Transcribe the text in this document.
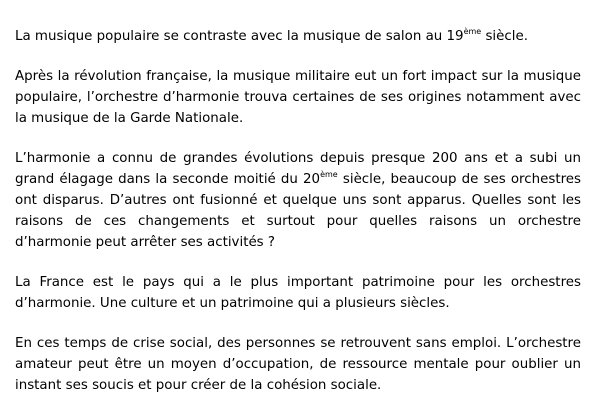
La musique populaire se contraste avec la musique de salon au 19ème siècle.

Après la révolution française, la musique militaire eut un fort impact sur la musique populaire, l’orchestre d’harmonie trouva certaines de ses origines notamment avec la musique de la Garde Nationale.

L’harmonie a connu de grandes évolutions depuis presque 200 ans et a subi un grand élagage dans la seconde moitié du 20ème siècle, beaucoup de ses orchestres ont disparus. D’autres ont fusionné et quelque uns sont apparus. Quelles sont les raisons de ces changements et surtout pour quelles raisons un orchestre d’harmonie peut arrêter ses activités ?

La France est le pays qui a le plus important patrimoine pour les orchestres d’harmonie. Une culture et un patrimoine qui a plusieurs siècles.

En ces temps de crise social, des personnes se retrouvent sans emploi. L’orchestre amateur peut être un moyen d’occupation, de ressource mentale pour oublier un instant ses soucis et pour créer de la cohésion sociale.
